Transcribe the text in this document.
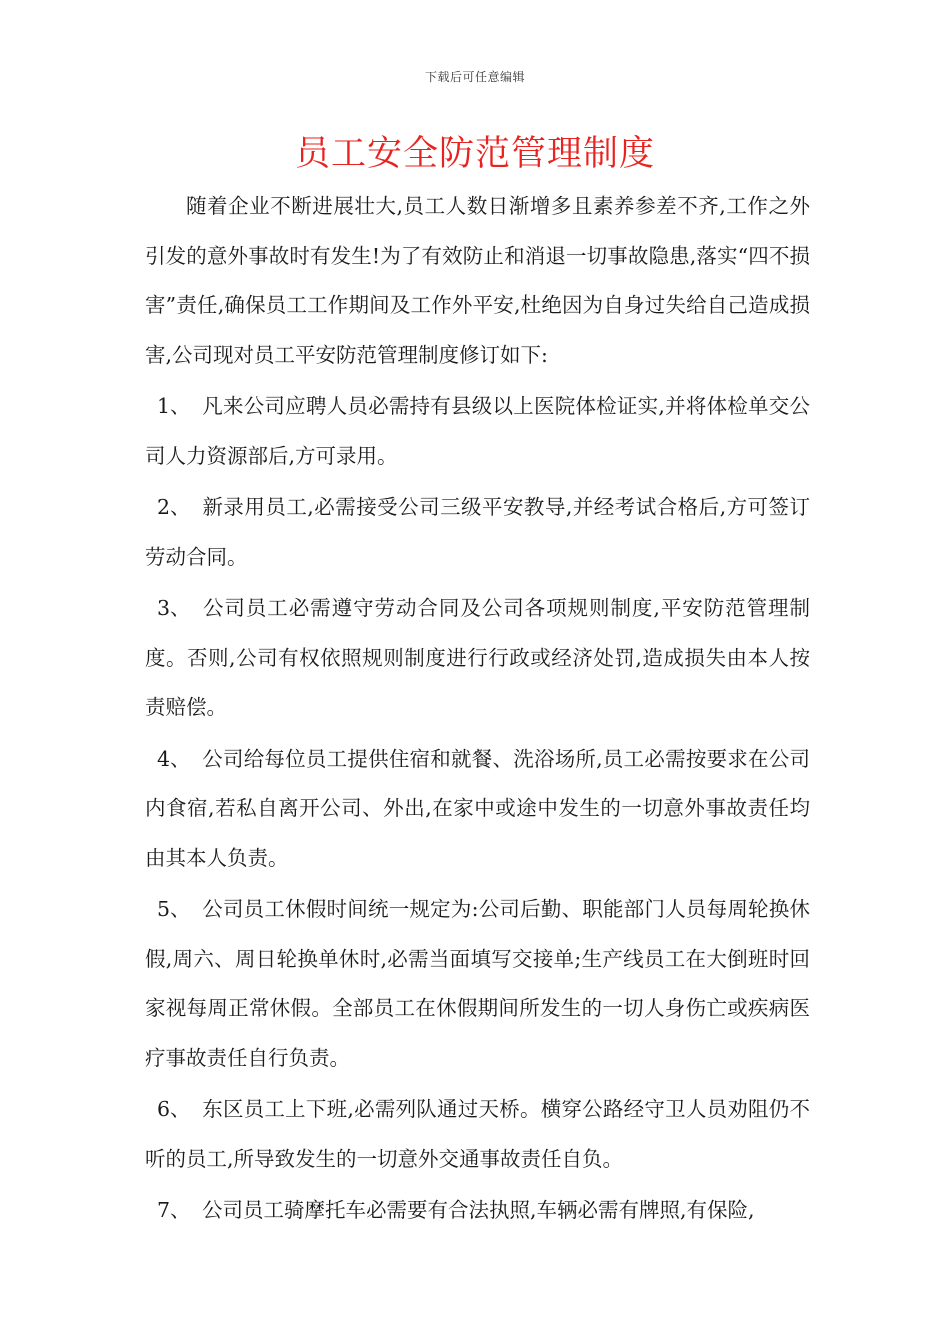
下载后可任意编辑
员工安全防范管理制度

随着企业不断进展壮大,员工人数日渐增多且素养参差不齐,工作之外引发的意外事故时有发生!为了有效防止和消退一切事故隐患,落实“四不损害”责任,确保员工工作期间及工作外平安,杜绝因为自身过失给自己造成损害,公司现对员工平安防范管理制度修订如下:

1、 凡来公司应聘人员必需持有县级以上医院体检证实,并将体检单交公司人力资源部后,方可录用。

2、 新录用员工,必需接受公司三级平安教导,并经考试合格后,方可签订劳动合同。

3、 公司员工必需遵守劳动合同及公司各项规则制度,平安防范管理制度。否则,公司有权依照规则制度进行行政或经济处罚,造成损失由本人按责赔偿。

4、 公司给每位员工提供住宿和就餐、洗浴场所,员工必需按要求在公司内食宿,若私自离开公司、外出,在家中或途中发生的一切意外事故责任均由其本人负责。

5、 公司员工休假时间统一规定为:公司后勤、职能部门人员每周轮换休假,周六、周日轮换单休时,必需当面填写交接单;生产线员工在大倒班时回家视每周正常休假。全部员工在休假期间所发生的一切人身伤亡或疾病医疗事故责任自行负责。

6、 东区员工上下班,必需列队通过天桥。横穿公路经守卫人员劝阻仍不听的员工,所导致发生的一切意外交通事故责任自负。

7、 公司员工骑摩托车必需要有合法执照,车辆必需有牌照,有保险,
